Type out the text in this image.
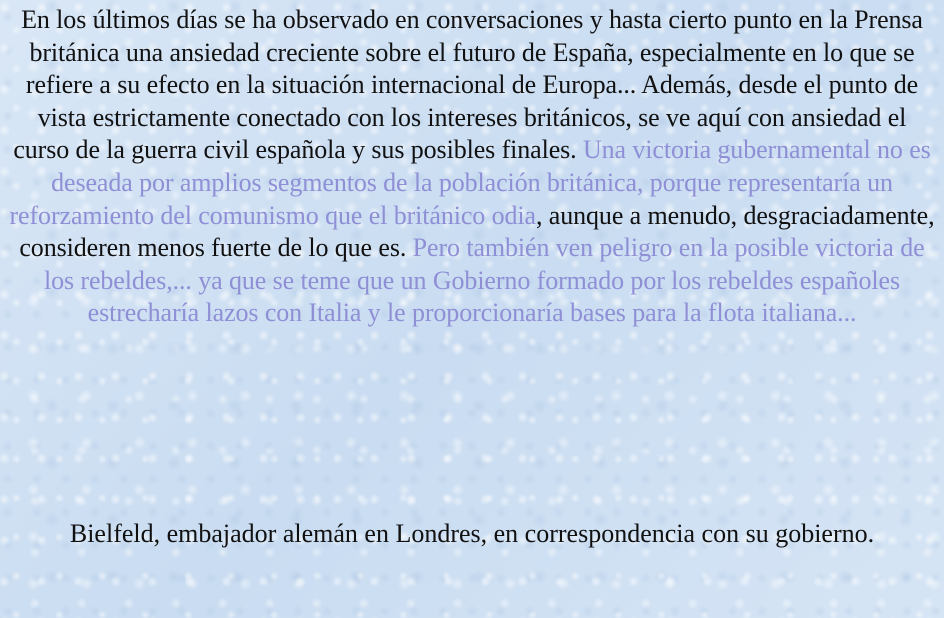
En los últimos días se ha observado en conversaciones y hasta cierto punto en la Prensa británica una ansiedad creciente sobre el futuro de España, especialmente en lo que se refiere a su efecto en la situación internacional de Europa... Además, desde el punto de vista estrictamente conectado con los intereses británicos, se ve aquí con ansiedad el curso de la guerra civil española y sus posibles finales. Una victoria gubernamental no es deseada por amplios segmentos de la población británica, porque representaría un reforzamiento del comunismo que el británico odia, aunque a menudo, desgraciadamente, consideren menos fuerte de lo que es. Pero también ven peligro en la posible victoria de los rebeldes,... ya que se teme que un Gobierno formado por los rebeldes españoles estrecharía lazos con Italia y le proporcionaría bases para la flota italiana...

Bielfeld, embajador alemán en Londres, en correspondencia con su gobierno.
